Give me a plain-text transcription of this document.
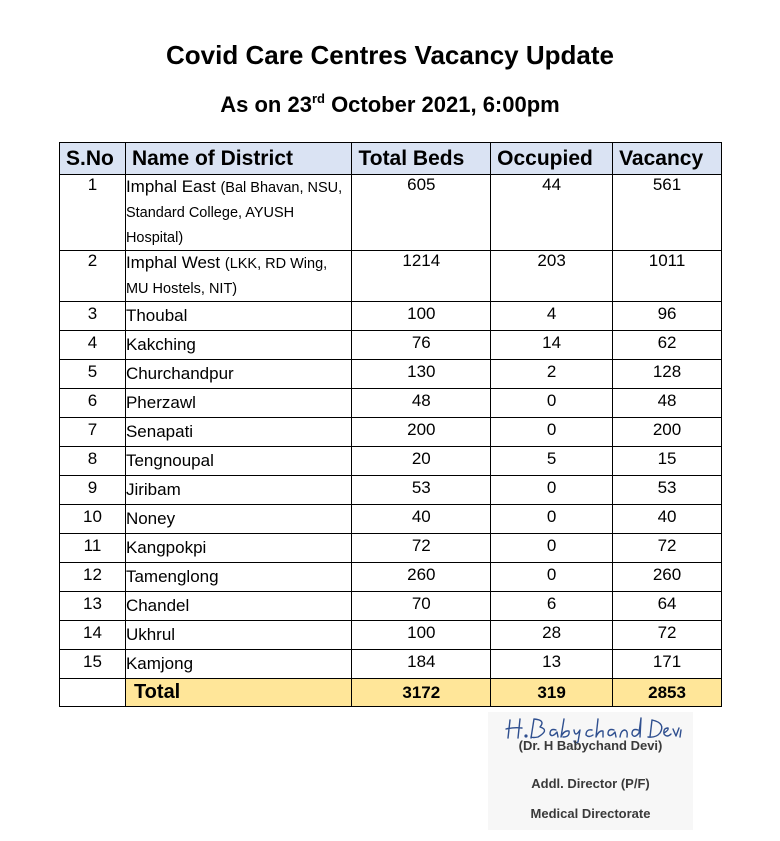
Covid Care Centres Vacancy Update
As on 23rd October 2021, 6:00pm
S.No	Name of District	Total Beds	Occupied	Vacancy
1	Imphal East (Bal Bhavan, NSU, Standard College, AYUSH Hospital)	605	44	561
2	Imphal West (LKK, RD Wing, MU Hostels, NIT)	1214	203	1011
3	Thoubal	100	4	96
4	Kakching	76	14	62
5	Churchandpur	130	2	128
6	Pherzawl	48	0	48
7	Senapati	200	0	200
8	Tengnoupal	20	5	15
9	Jiribam	53	0	53
10	Noney	40	0	40
11	Kangpokpi	72	0	72
12	Tamenglong	260	0	260
13	Chandel	70	6	64
14	Ukhrul	100	28	72
15	Kamjong	184	13	171
	Total	3172	319	2853
(Dr. H Babychand Devi)
Addl. Director (P/F)
Medical Directorate
